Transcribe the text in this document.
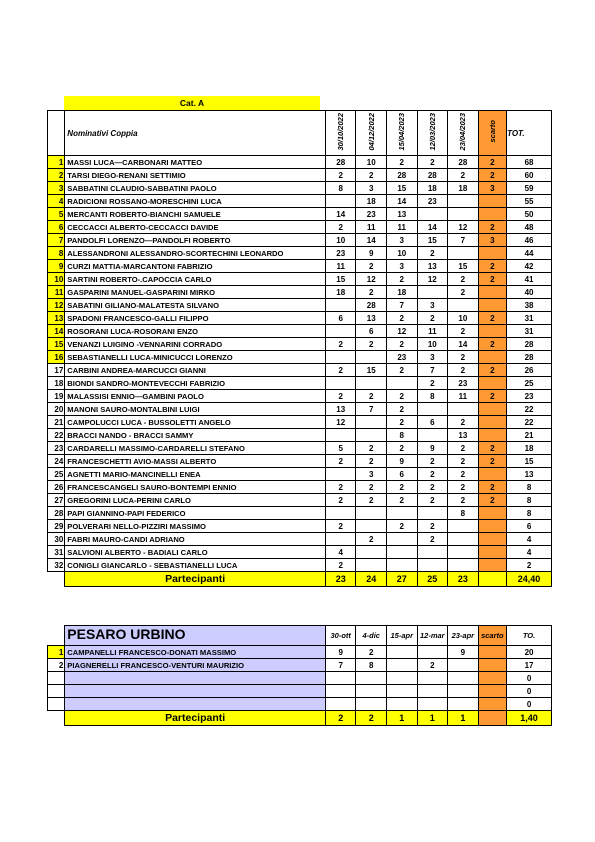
Cat. A
	Nominativi Coppia	30/10/2022	04/12/2022	15/04/2023	12/03/2023	23/04/2023	scarto	TOT.
1	MASSI LUCA—CARBONARI MATTEO	28	10	2	2	28	2	68
2	TARSI DIEGO-RENANI SETTIMIO	2	2	28	28	2	2	60
3	SABBATINI CLAUDIO-SABBATINI PAOLO	8	3	15	18	18	3	59
4	RADICIONI ROSSANO-MORESCHINI LUCA		18	14	23			55
5	MERCANTI ROBERTO-BIANCHI SAMUELE	14	23	13				50
6	CECCACCI ALBERTO-CECCACCI DAVIDE	2	11	11	14	12	2	48
7	PANDOLFI LORENZO—PANDOLFI ROBERTO	10	14	3	15	7	3	46
8	ALESSANDRONI ALESSANDRO-SCORTECHINI LEONARDO	23	9	10	2			44
9	CURZI MATTIA-MARCANTONI FABRIZIO	11	2	3	13	15	2	42
10	SARTINI ROBERTO-.CAPOCCIA CARLO	15	12	2	12	2	2	41
11	GASPARINI MANUEL-GASPARINI MIRKO	18	2	18		2		40
12	SABATINI GILIANO-MALATESTA SILVANO		28	7	3			38
13	SPADONI FRANCESCO-GALLI FILIPPO	6	13	2	2	10	2	31
14	ROSORANI LUCA-ROSORANI ENZO		6	12	11	2		31
15	VENANZI LUIGINO -VENNARINI CORRADO	2	2	2	10	14	2	28
16	SEBASTIANELLI LUCA-MINICUCCI LORENZO			23	3	2		28
17	CARBINI ANDREA-MARCUCCI GIANNI	2	15	2	7	2	2	26
18	BIONDI SANDRO-MONTEVECCHI FABRIZIO				2	23		25
19	MALASSISI ENNIO—GAMBINI PAOLO	2	2	2	8	11	2	23
20	MANONI SAURO-MONTALBINI LUIGI	13	7	2				22
21	CAMPOLUCCI LUCA - BUSSOLETTI ANGELO	12		2	6	2		22
22	BRACCI NANDO - BRACCI SAMMY			8		13		21
23	CARDARELLI MASSIMO-CARDARELLI STEFANO	5	2	2	9	2	2	18
24	FRANCESCHETTI AVIO-MASSI ALBERTO	2	2	9	2	2	2	15
25	AGNETTI MARIO-MANCINELLI ENEA		3	6	2	2		13
26	FRANCESCANGELI SAURO-BONTEMPI ENNIO	2	2	2	2	2	2	8
27	GREGORINI LUCA-PERINI CARLO	2	2	2	2	2	2	8
28	PAPI GIANNINO-PAPI FEDERICO					8		8
29	POLVERARI NELLO-PIZZIRI MASSIMO	2		2	2			6
30	FABRI MAURO-CANDI ADRIANO		2		2			4
31	SALVIONI ALBERTO - BADIALI CARLO	4						4
32	CONIGLI GIANCARLO - SEBASTIANELLI LUCA	2						2
	Partecipanti	23	24	27	25	23		24,40
	PESARO URBINO	30-ott	4-dic	15-apr	12-mar	23-apr	scarto	TO.
1	CAMPANELLI FRANCESCO-DONATI MASSIMO	9	2			9		20
2	PIAGNERELLI FRANCESCO-VENTURI MAURIZIO	7	8		2			17
								0
								0
								0
	Partecipanti	2	2	1	1	1		1,40
